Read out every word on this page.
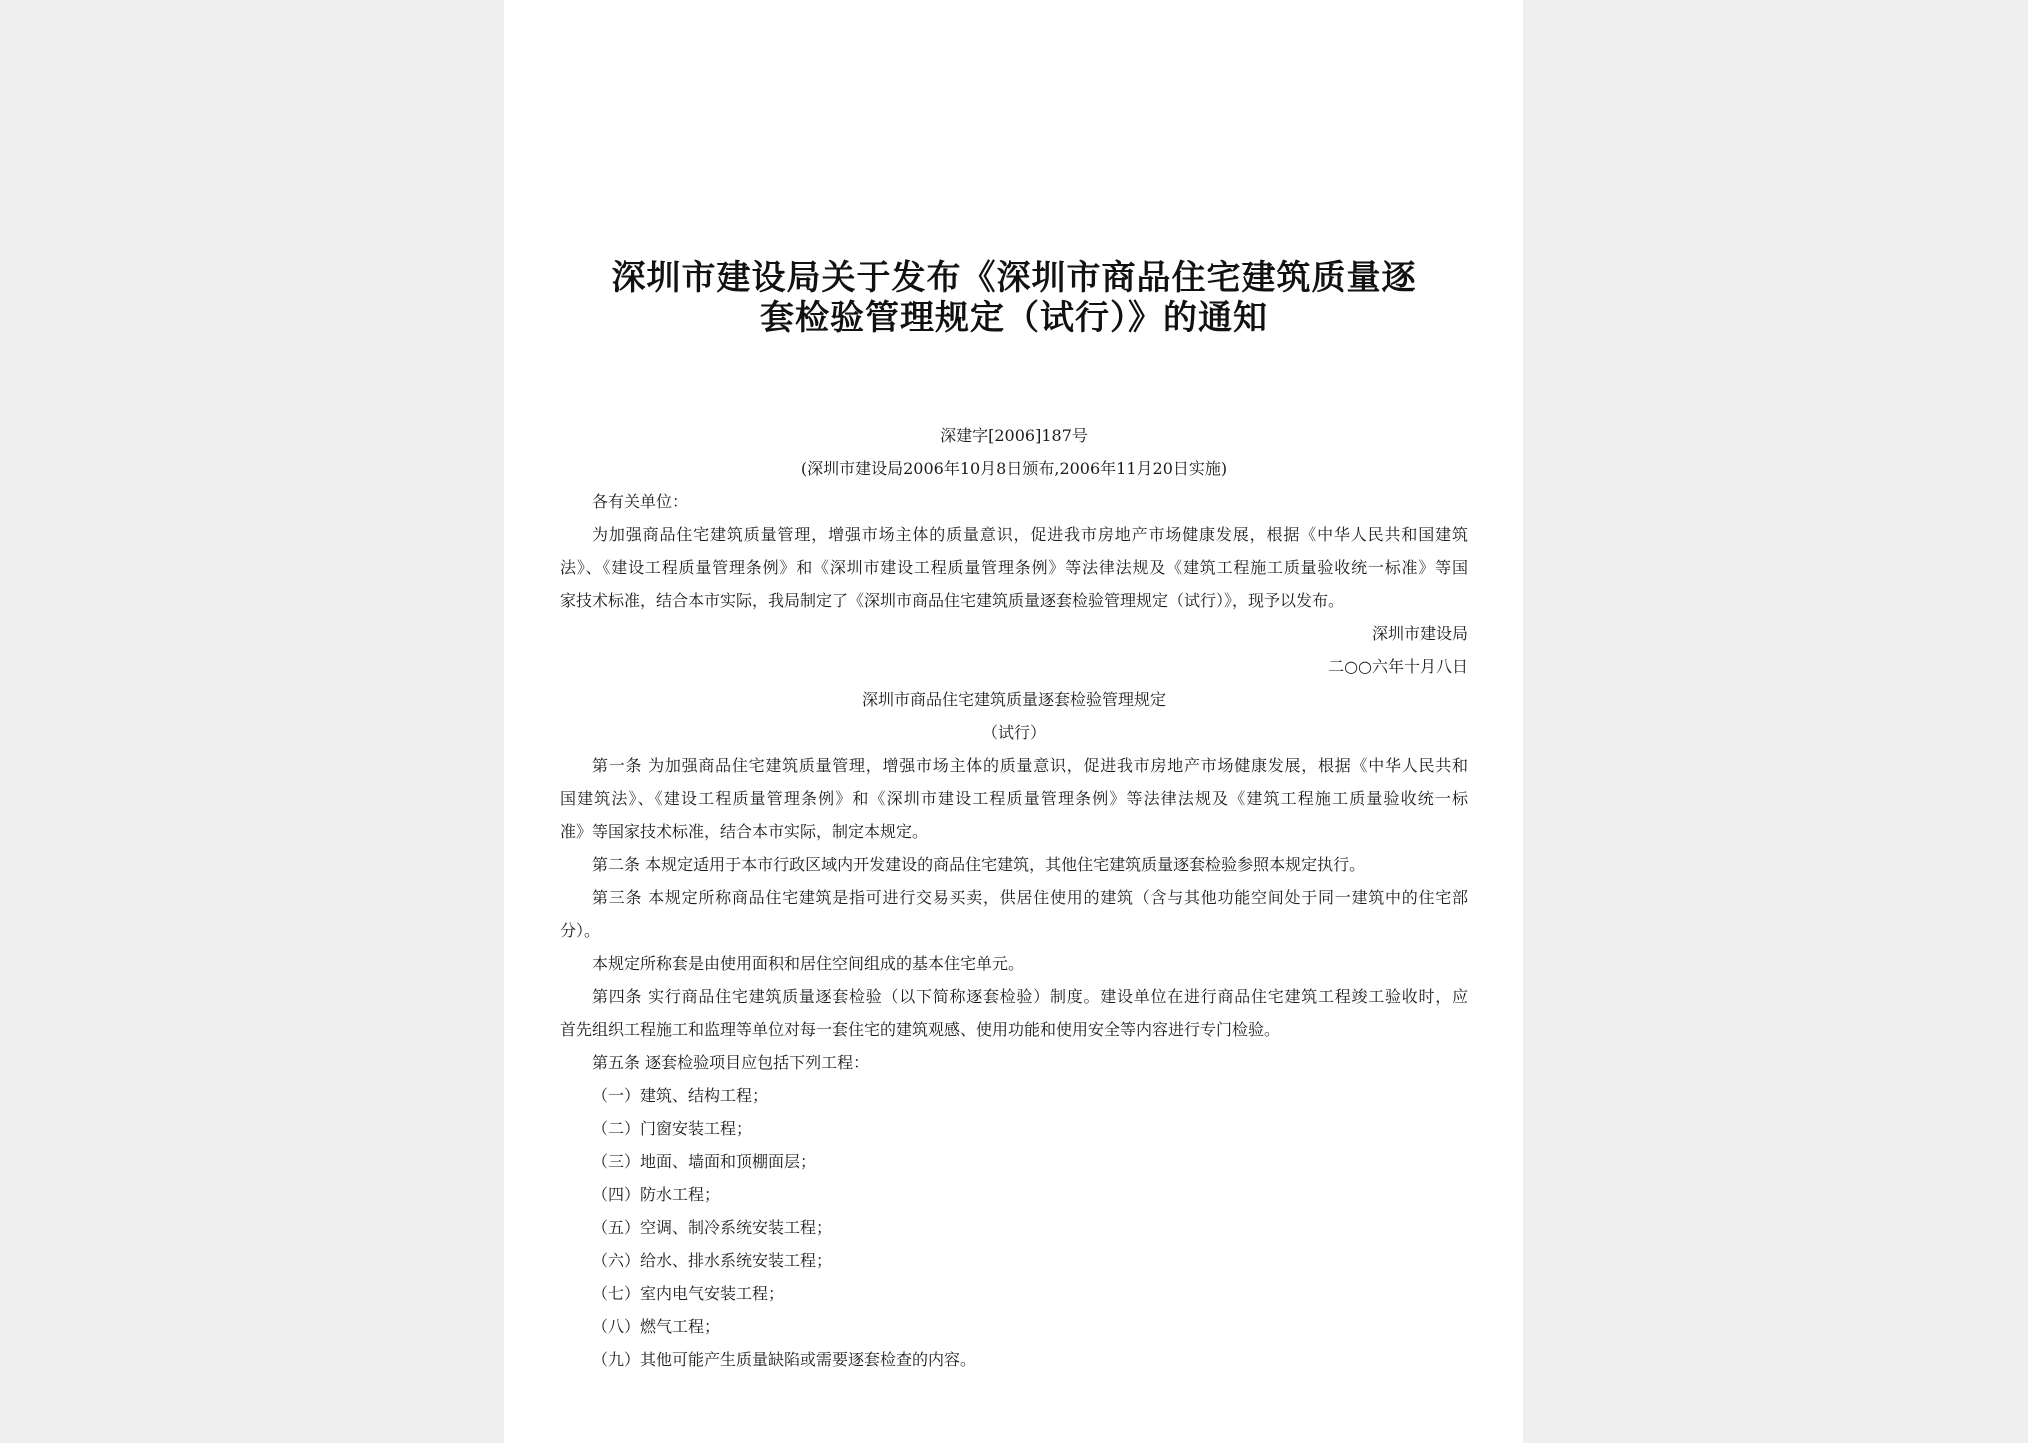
深圳市建设局关于发布《深圳市商品住宅建筑质量逐
套检验管理规定（试行）》的通知
深建字[2006]187号
(深圳市建设局2006年10月8日颁布,2006年11月20日实施)
各有关单位：
为加强商品住宅建筑质量管理，增强市场主体的质量意识，促进我市房地产市场健康发展，根据《中华人民共和国建筑
法》、《建设工程质量管理条例》和《深圳市建设工程质量管理条例》等法律法规及《建筑工程施工质量验收统一标准》等国
家技术标准，结合本市实际，我局制定了《深圳市商品住宅建筑质量逐套检验管理规定（试行）》，现予以发布。
深圳市建设局
二○○六年十月八日
深圳市商品住宅建筑质量逐套检验管理规定
（试行）
第一条 为加强商品住宅建筑质量管理，增强市场主体的质量意识，促进我市房地产市场健康发展，根据《中华人民共和
国建筑法》、《建设工程质量管理条例》和《深圳市建设工程质量管理条例》等法律法规及《建筑工程施工质量验收统一标
准》等国家技术标准，结合本市实际，制定本规定。
第二条 本规定适用于本市行政区域内开发建设的商品住宅建筑，其他住宅建筑质量逐套检验参照本规定执行。
第三条 本规定所称商品住宅建筑是指可进行交易买卖，供居住使用的建筑（含与其他功能空间处于同一建筑中的住宅部
分）。
本规定所称套是由使用面积和居住空间组成的基本住宅单元。
第四条 实行商品住宅建筑质量逐套检验（以下简称逐套检验）制度。建设单位在进行商品住宅建筑工程竣工验收时，应
首先组织工程施工和监理等单位对每一套住宅的建筑观感、使用功能和使用安全等内容进行专门检验。
第五条 逐套检验项目应包括下列工程：
（一）建筑、结构工程；
（二）门窗安装工程；
（三）地面、墙面和顶棚面层；
（四）防水工程；
（五）空调、制冷系统安装工程；
（六）给水、排水系统安装工程；
（七）室内电气安装工程；
（八）燃气工程；
（九）其他可能产生质量缺陷或需要逐套检查的内容。
